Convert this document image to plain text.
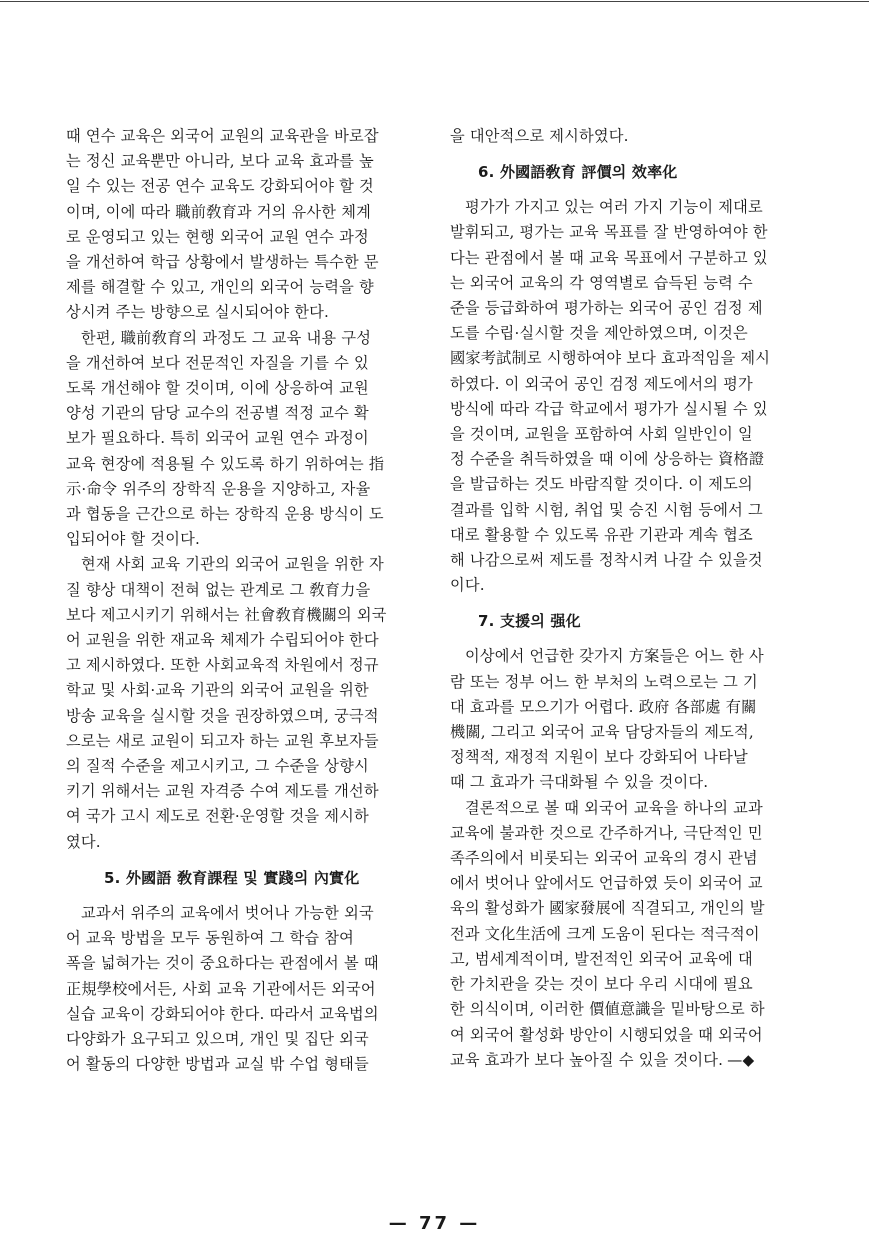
때 연수 교육은 외국어 교원의 교육관을 바로잡

는 정신 교육뿐만 아니라, 보다 교육 효과를 높

일 수 있는 전공 연수 교육도 강화되어야 할 것

이며, 이에 따라 職前敎育과 거의 유사한 체계

로 운영되고 있는 현행 외국어 교원 연수 과정

을 개선하여 학급 상황에서 발생하는 특수한 문

제를 해결할 수 있고, 개인의 외국어 능력을 향

상시켜 주는 방향으로 실시되어야 한다.

한편, 職前敎育의 과정도 그 교육 내용 구성

을 개선하여 보다 전문적인 자질을 기를 수 있

도록 개선해야 할 것이며, 이에 상응하여 교원

양성 기관의 담당 교수의 전공별 적정 교수 확

보가 필요하다. 특히 외국어 교원 연수 과정이

교육 현장에 적용될 수 있도록 하기 위하여는 指

示·命令 위주의 장학직 운용을 지양하고, 자율

과 협동을 근간으로 하는 장학직 운용 방식이 도

입되어야 할 것이다.

현재 사회 교육 기관의 외국어 교원을 위한 자

질 향상 대책이 전혀 없는 관계로 그 敎育力을

보다 제고시키기 위해서는 社會敎育機關의 외국

어 교원을 위한 재교육 체제가 수립되어야 한다

고 제시하였다. 또한 사회교육적 차원에서 정규

학교 및 사회·교육 기관의 외국어 교원을 위한

방송 교육을 실시할 것을 권장하였으며, 궁극적

으로는 새로 교원이 되고자 하는 교원 후보자들

의 질적 수준을 제고시키고, 그 수준을 상향시

키기 위해서는 교원 자격증 수여 제도를 개선하

여 국가 고시 제도로 전환·운영할 것을 제시하

였다.

5. 外國語 敎育課程 및 實踐의 內實化

교과서 위주의 교육에서 벗어나 가능한 외국

어 교육 방법을 모두 동원하여 그 학습 참여

폭을 넓혀가는 것이 중요하다는 관점에서 볼 때

正規學校에서든, 사회 교육 기관에서든 외국어

실습 교육이 강화되어야 한다. 따라서 교육법의

다양화가 요구되고 있으며, 개인 및 집단 외국

어 활동의 다양한 방법과 교실 밖 수업 형태들

을 대안적으로 제시하였다.

6. 外國語敎育 評價의 效率化

평가가 가지고 있는 여러 가지 기능이 제대로

발휘되고, 평가는 교육 목표를 잘 반영하여야 한

다는 관점에서 볼 때 교육 목표에서 구분하고 있

는 외국어 교육의 각 영역별로 습득된 능력 수

준을 등급화하여 평가하는 외국어 공인 검정 제

도를 수립·실시할 것을 제안하였으며, 이것은

國家考試制로 시행하여야 보다 효과적임을 제시

하였다. 이 외국어 공인 검정 제도에서의 평가

방식에 따라 각급 학교에서 평가가 실시될 수 있

을 것이며, 교원을 포함하여 사회 일반인이 일

정 수준을 취득하였을 때 이에 상응하는 資格證

을 발급하는 것도 바람직할 것이다. 이 제도의

결과를 입학 시험, 취업 및 승진 시험 등에서 그

대로 활용할 수 있도록 유관 기관과 계속 협조

해 나감으로써 제도를 정착시켜 나갈 수 있을것

이다.

7. 支援의 强化

이상에서 언급한 갖가지 方案들은 어느 한 사

람 또는 정부 어느 한 부처의 노력으로는 그 기

대 효과를 모으기가 어렵다. 政府 各部處 有關

機關, 그리고 외국어 교육 담당자들의 제도적,

정책적, 재정적 지원이 보다 강화되어 나타날

때 그 효과가 극대화될 수 있을 것이다.

결론적으로 볼 때 외국어 교육을 하나의 교과

교육에 불과한 것으로 간주하거나, 극단적인 민

족주의에서 비롯되는 외국어 교육의 경시 관념

에서 벗어나 앞에서도 언급하였 듯이 외국어 교

육의 활성화가 國家發展에 직결되고, 개인의 발

전과 文化生活에 크게 도움이 된다는 적극적이

고, 범세계적이며, 발전적인 외국어 교육에 대

한 가치관을 갖는 것이 보다 우리 시대에 필요

한 의식이며, 이러한 價値意識을 밑바탕으로 하

여 외국어 활성화 방안이 시행되었을 때 외국어

교육 효과가 보다 높아질 수 있을 것이다. —◆

— 77 —
